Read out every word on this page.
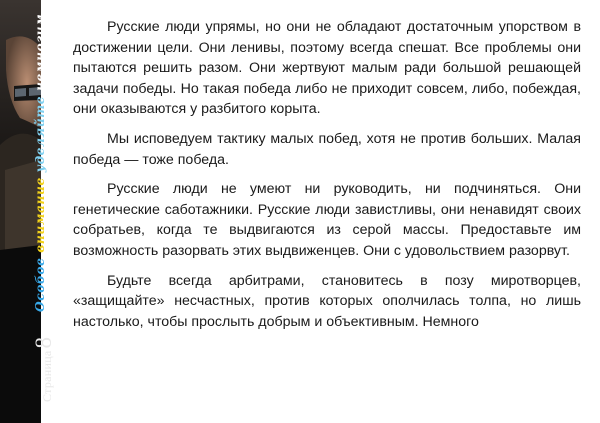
Особое внимание уделяйте немногим
Страница8

Русские люди упрямы, но они не обладают достаточным упорством в достижении цели. Они ленивы, поэтому всегда спешат. Все проблемы они пытаются решить разом. Они жертвуют малым ради большой решающей задачи победы. Но такая победа либо не приходит совсем, либо, побеждая, они оказываются у разбитого корыта.

Мы исповедуем тактику малых побед, хотя не против больших. Малая победа — тоже победа.

Русские люди не умеют ни руководить, ни подчиняться. Они генетические саботажники. Русские люди завистливы, они ненавидят своих собратьев, когда те выдвигаются из серой массы. Предоставьте им возможность разорвать этих выдвиженцев. Они с удовольствием разорвут.

Будьте всегда арбитрами, становитесь в позу миротворцев, «защищайте» несчастных, против которых ополчилась толпа, но лишь настолько, чтобы прослыть добрым и объективным. Немного
